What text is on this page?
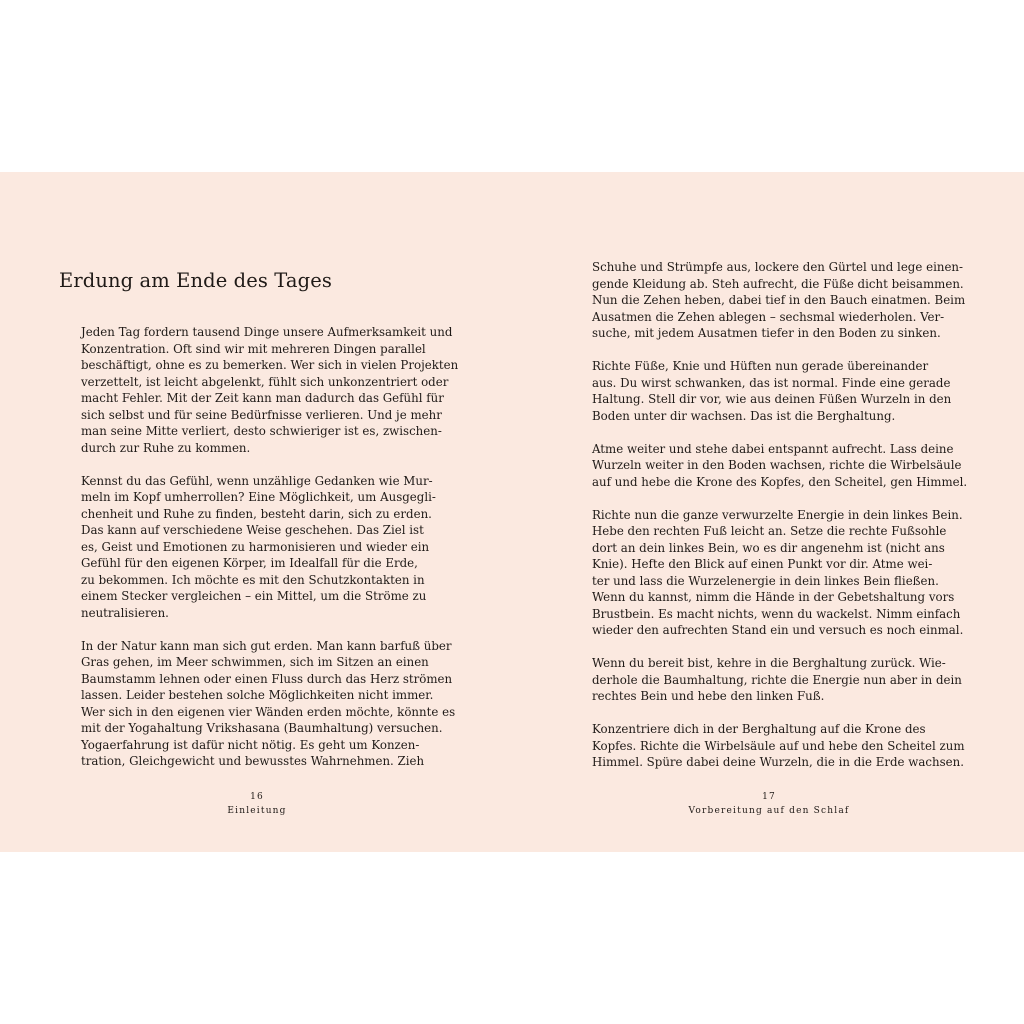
Erdung am Ende des Tages

Jeden Tag fordern tausend Dinge unsere Aufmerksamkeit und
Konzentration. Oft sind wir mit mehreren Dingen parallel
beschäftigt, ohne es zu bemerken. Wer sich in vielen Projekten
verzettelt, ist leicht abgelenkt, fühlt sich unkonzentriert oder
macht Fehler. Mit der Zeit kann man dadurch das Gefühl für
sich selbst und für seine Bedürfnisse verlieren. Und je mehr
man seine Mitte verliert, desto schwieriger ist es, zwischen-
durch zur Ruhe zu kommen.

Kennst du das Gefühl, wenn unzählige Gedanken wie Mur-
meln im Kopf umherrollen? Eine Möglichkeit, um Ausgegli-
chenheit und Ruhe zu finden, besteht darin, sich zu erden.
Das kann auf verschiedene Weise geschehen. Das Ziel ist
es, Geist und Emotionen zu harmonisieren und wieder ein
Gefühl für den eigenen Körper, im Idealfall für die Erde,
zu bekommen. Ich möchte es mit den Schutzkontakten in
einem Stecker vergleichen – ein Mittel, um die Ströme zu
neutralisieren.

In der Natur kann man sich gut erden. Man kann barfuß über
Gras gehen, im Meer schwimmen, sich im Sitzen an einen
Baumstamm lehnen oder einen Fluss durch das Herz strömen
lassen. Leider bestehen solche Möglichkeiten nicht immer.
Wer sich in den eigenen vier Wänden erden möchte, könnte es
mit der Yogahaltung Vrikshasana (Baumhaltung) versuchen.
Yogaerfahrung ist dafür nicht nötig. Es geht um Konzen-
tration, Gleichgewicht und bewusstes Wahrnehmen. Zieh

Schuhe und Strümpfe aus, lockere den Gürtel und lege einen-
gende Kleidung ab. Steh aufrecht, die Füße dicht beisammen.
Nun die Zehen heben, dabei tief in den Bauch einatmen. Beim
Ausatmen die Zehen ablegen – sechsmal wiederholen. Ver-
suche, mit jedem Ausatmen tiefer in den Boden zu sinken.

Richte Füße, Knie und Hüften nun gerade übereinander
aus. Du wirst schwanken, das ist normal. Finde eine gerade
Haltung. Stell dir vor, wie aus deinen Füßen Wurzeln in den
Boden unter dir wachsen. Das ist die Berghaltung.

Atme weiter und stehe dabei entspannt aufrecht. Lass deine
Wurzeln weiter in den Boden wachsen, richte die Wirbelsäule
auf und hebe die Krone des Kopfes, den Scheitel, gen Himmel.

Richte nun die ganze verwurzelte Energie in dein linkes Bein.
Hebe den rechten Fuß leicht an. Setze die rechte Fußsohle
dort an dein linkes Bein, wo es dir angenehm ist (nicht ans
Knie). Hefte den Blick auf einen Punkt vor dir. Atme wei-
ter und lass die Wurzelenergie in dein linkes Bein fließen.
Wenn du kannst, nimm die Hände in der Gebetshaltung vors
Brustbein. Es macht nichts, wenn du wackelst. Nimm einfach
wieder den aufrechten Stand ein und versuch es noch einmal.

Wenn du bereit bist, kehre in die Berghaltung zurück. Wie-
derhole die Baumhaltung, richte die Energie nun aber in dein
rechtes Bein und hebe den linken Fuß.

Konzentriere dich in der Berghaltung auf die Krone des
Kopfes. Richte die Wirbelsäule auf und hebe den Scheitel zum
Himmel. Spüre dabei deine Wurzeln, die in die Erde wachsen.

16
Einleitung
17
Vorbereitung auf den Schlaf
